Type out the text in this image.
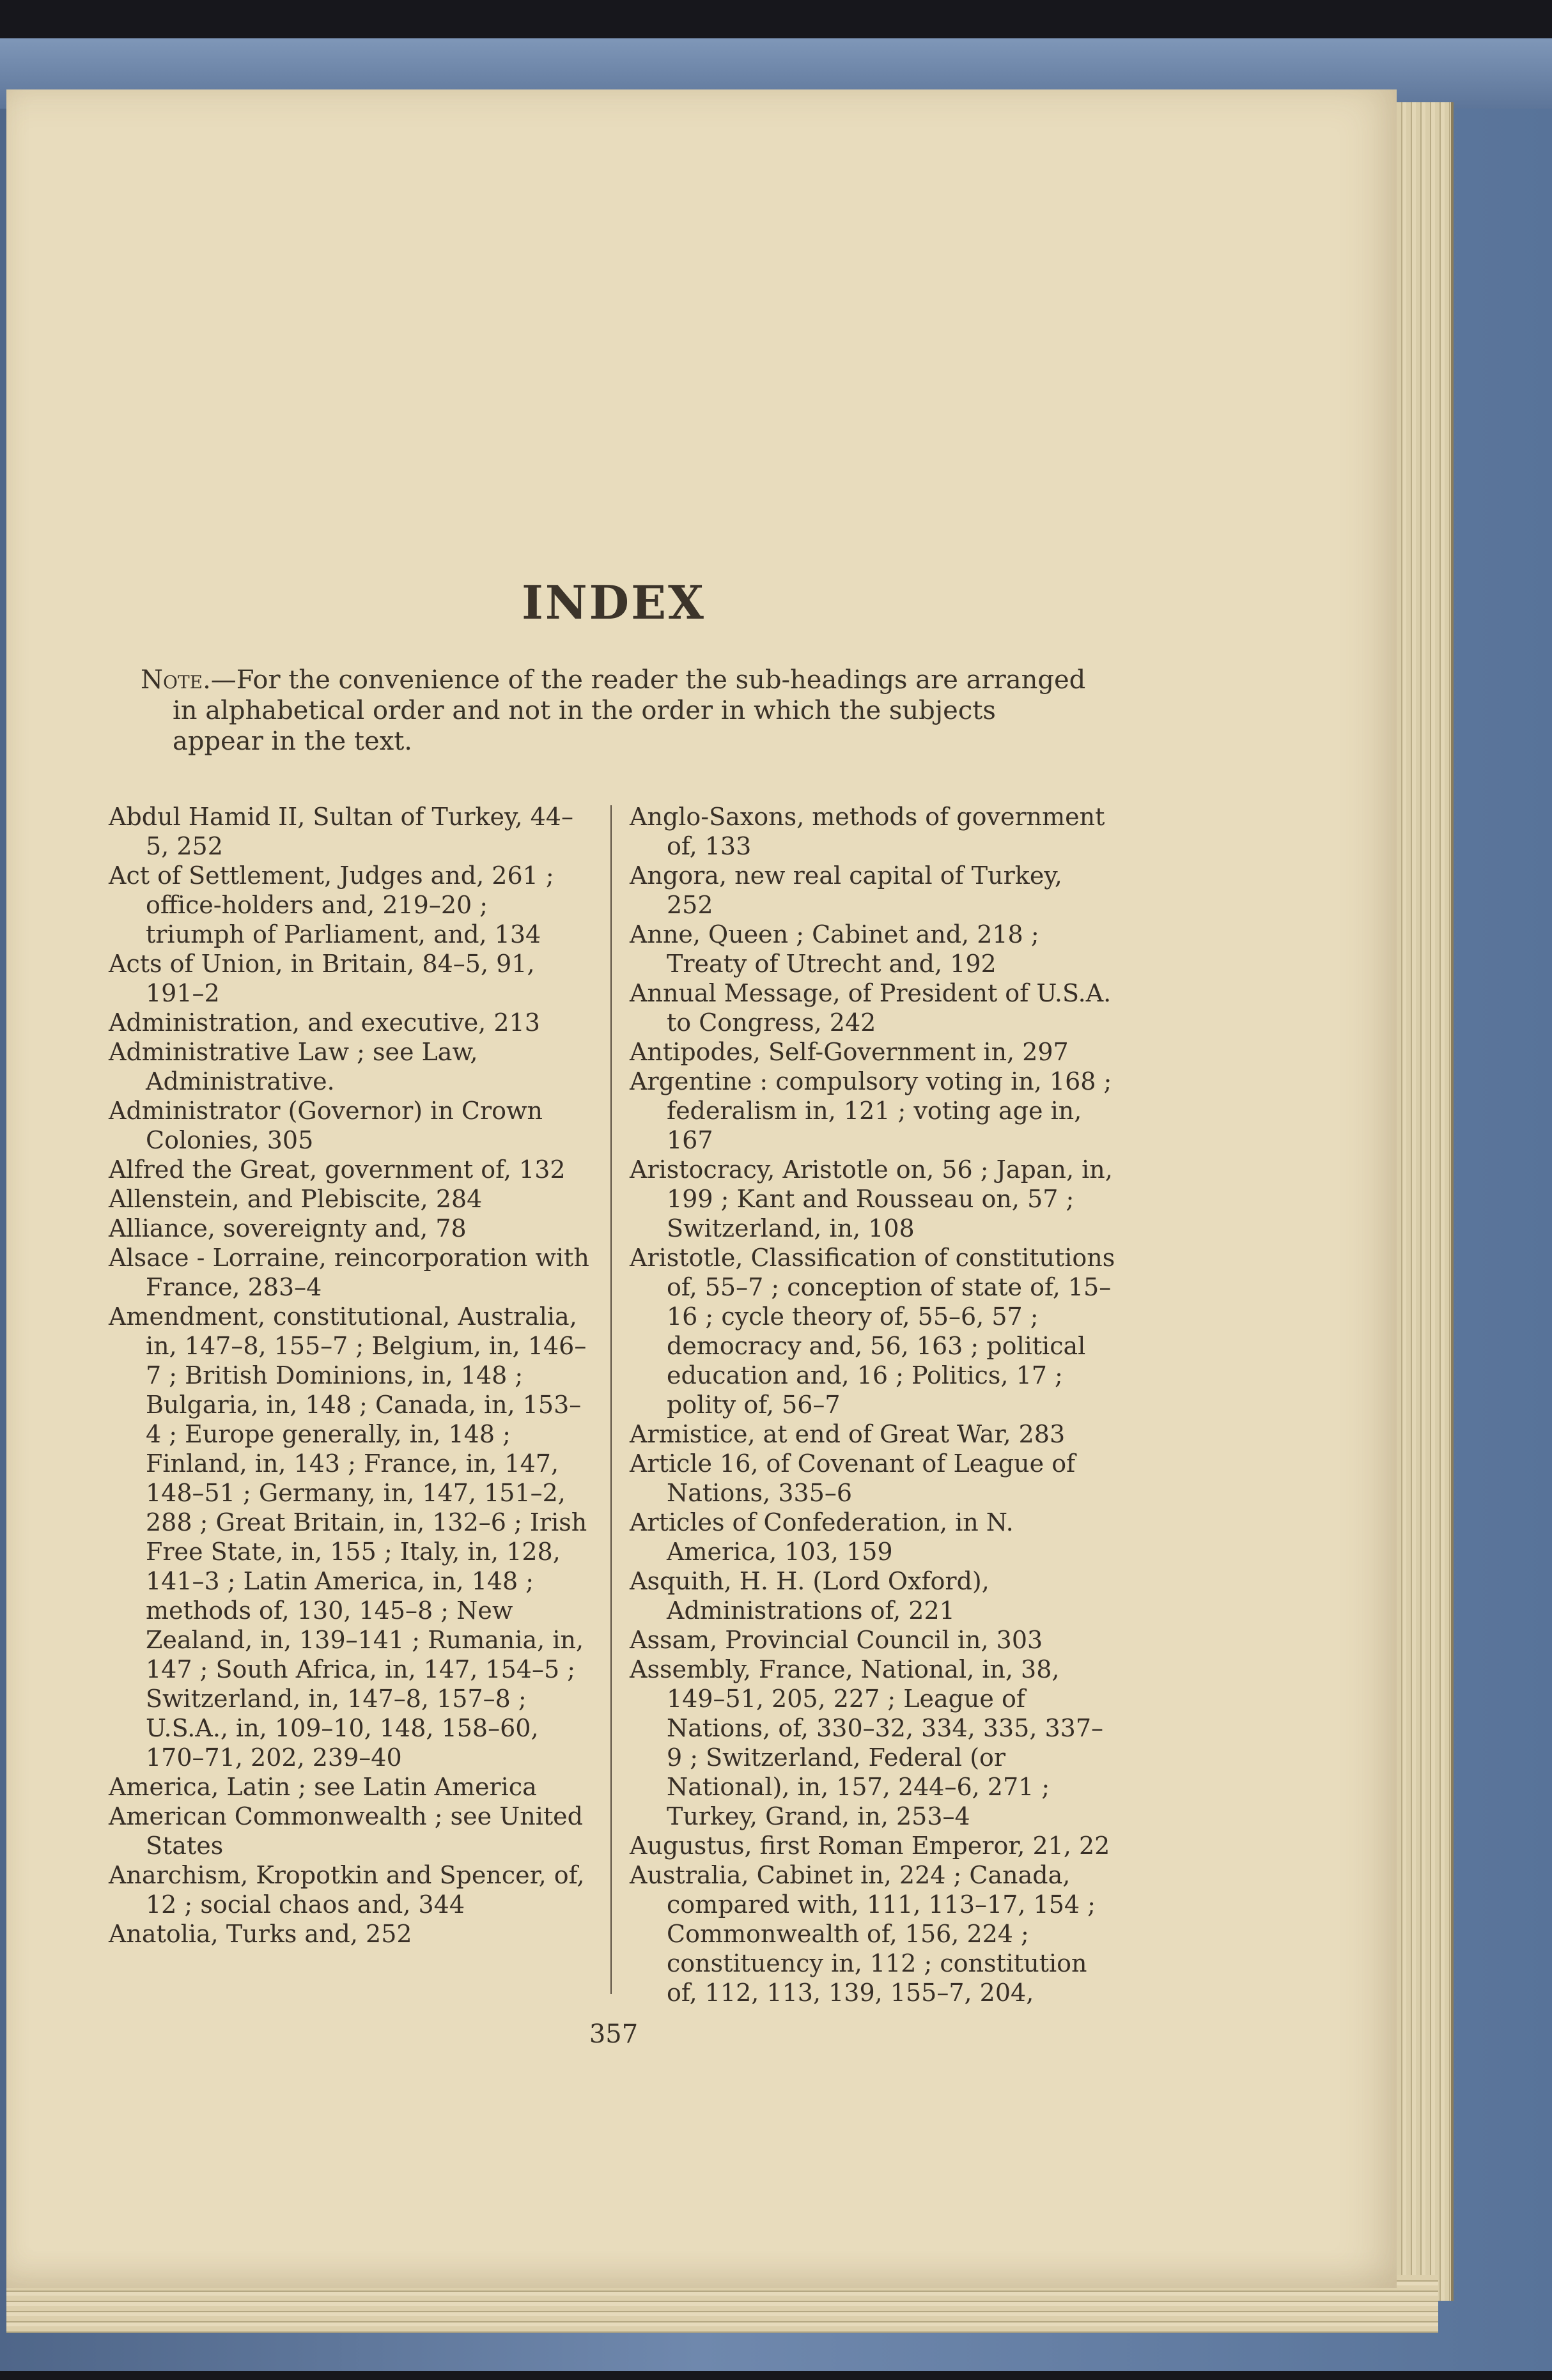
INDEX

Note.—For the convenience of the reader the sub-headings are arranged
in alphabetical order and not in the order in which the subjects
appear in the text.

Abdul Hamid II, Sultan of Turkey, 44–5, 252

Act of Settlement, Judges and, 261 ; office-holders and, 219–20 ; triumph of Parliament, and, 134

Acts of Union, in Britain, 84–5, 91, 191–2

Administration, and executive, 213

Administrative Law ; see Law, Administrative.

Administrator (Governor) in Crown Colonies, 305

Alfred the Great, government of, 132

Allenstein, and Plebiscite, 284

Alliance, sovereignty and, 78

Alsace - Lorraine, reincorporation with France, 283–4

Amendment, constitutional, Australia, in, 147–8, 155–7 ; Belgium, in, 146–7 ; British Dominions, in, 148 ; Bulgaria, in, 148 ; Canada, in, 153–4 ; Europe generally, in, 148 ; Finland, in, 143 ; France, in, 147, 148–51 ; Germany, in, 147, 151–2, 288 ; Great Britain, in, 132–6 ; Irish Free State, in, 155 ; Italy, in, 128, 141–3 ; Latin America, in, 148 ; methods of, 130, 145–8 ; New Zealand, in, 139–141 ; Rumania, in, 147 ; South Africa, in, 147, 154–5 ; Switzerland, in, 147–8, 157–8 ; U.S.A., in, 109–10, 148, 158–60, 170–71, 202, 239–40

America, Latin ; see Latin America

American Commonwealth ; see United States

Anarchism, Kropotkin and Spencer, of, 12 ; social chaos and, 344

Anatolia, Turks and, 252

Anglo-Saxons, methods of government of, 133

Angora, new real capital of Turkey, 252

Anne, Queen ; Cabinet and, 218 ; Treaty of Utrecht and, 192

Annual Message, of President of U.S.A. to Congress, 242

Antipodes, Self-Government in, 297

Argentine : compulsory voting in, 168 ; federalism in, 121 ; voting age in, 167

Aristocracy, Aristotle on, 56 ; Japan, in, 199 ; Kant and Rousseau on, 57 ; Switzerland, in, 108

Aristotle, Classification of constitutions of, 55–7 ; conception of state of, 15–16 ; cycle theory of, 55–6, 57 ; democracy and, 56, 163 ; political education and, 16 ; Politics, 17 ; polity of, 56–7

Armistice, at end of Great War, 283

Article 16, of Covenant of League of Nations, 335–6

Articles of Confederation, in N. America, 103, 159

Asquith, H. H. (Lord Oxford), Administrations of, 221

Assam, Provincial Council in, 303

Assembly, France, National, in, 38, 149–51, 205, 227 ; League of Nations, of, 330–32, 334, 335, 337–9 ; Switzerland, Federal (or National), in, 157, 244–6, 271 ; Turkey, Grand, in, 253–4

Augustus, first Roman Emperor, 21, 22

Australia, Cabinet in, 224 ; Canada, compared with, 111, 113–17, 154 ; Commonwealth of, 156, 224 ; constituency in, 112 ; constitution of, 112, 113, 139, 155–7, 204,

357
